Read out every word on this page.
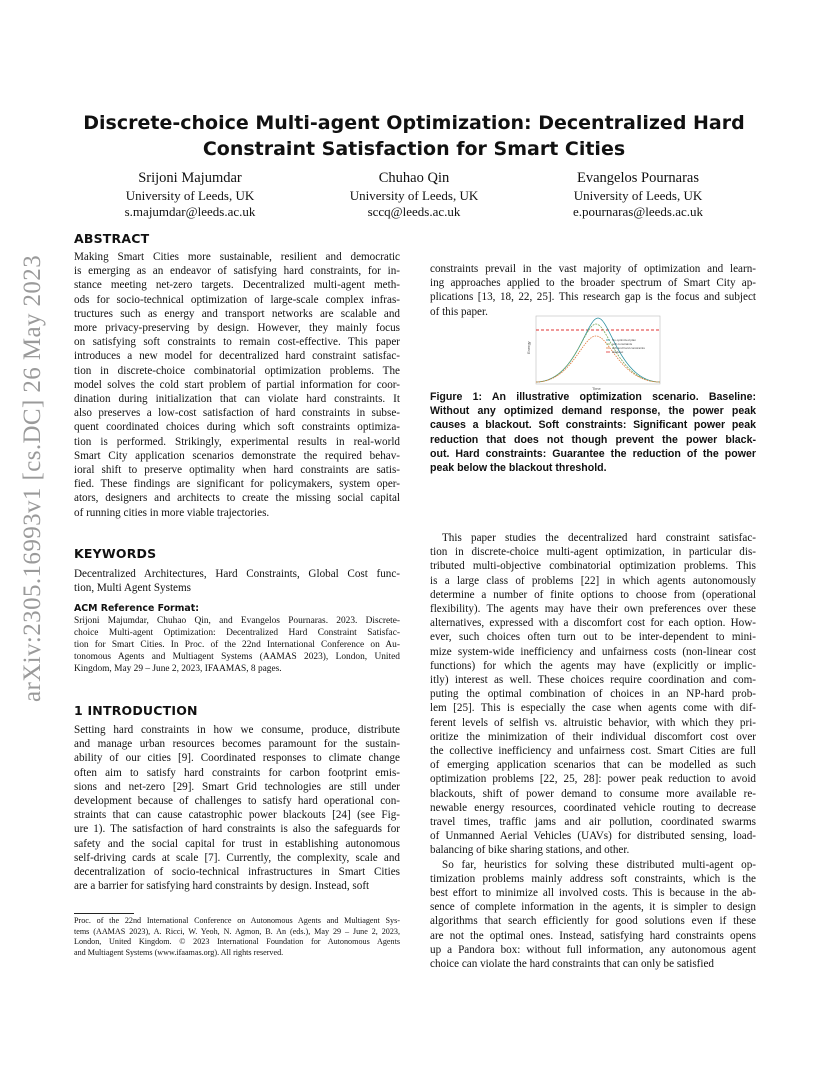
arXiv:2305.16993v1 [cs.DC] 26 May 2023
Discrete-choice Multi-agent Optimization: Decentralized Hard
Constraint Satisfaction for Smart Cities
Srijoni Majumdar
University of Leeds, UK
s.majumdar@leeds.ac.uk
Chuhao Qin
University of Leeds, UK
sccq@leeds.ac.uk
Evangelos Pournaras
University of Leeds, UK
e.pournaras@leeds.ac.uk
ABSTRACT
Making Smart Cities more sustainable, resilient and democratic
is emerging as an endeavor of satisfying hard constraints, for in-
stance meeting net-zero targets. Decentralized multi-agent meth-
ods for socio-technical optimization of large-scale complex infras-
tructures such as energy and transport networks are scalable and
more privacy-preserving by design. However, they mainly focus
on satisfying soft constraints to remain cost-effective. This paper
introduces a new model for decentralized hard constraint satisfac-
tion in discrete-choice combinatorial optimization problems. The
model solves the cold start problem of partial information for coor-
dination during initialization that can violate hard constraints. It
also preserves a low-cost satisfaction of hard constraints in subse-
quent coordinated choices during which soft constraints optimiza-
tion is performed. Strikingly, experimental results in real-world
Smart City application scenarios demonstrate the required behav-
ioral shift to preserve optimality when hard constraints are satis-
fied. These findings are significant for policymakers, system oper-
ators, designers and architects to create the missing social capital
of running cities in more viable trajectories.
KEYWORDS
Decentralized Architectures, Hard Constraints, Global Cost func-
tion, Multi Agent Systems
ACM Reference Format:
Srijoni Majumdar, Chuhao Qin, and Evangelos Pournaras. 2023. Discrete-
choice Multi-agent Optimization: Decentralized Hard Constraint Satisfac-
tion for Smart Cities. In Proc. of the 22nd International Conference on Au-
tonomous Agents and Multiagent Systems (AAMAS 2023), London, United
Kingdom, May 29 – June 2, 2023, IFAAMAS, 8 pages.
1 INTRODUCTION
Setting hard constraints in how we consume, produce, distribute
and manage urban resources becomes paramount for the sustain-
ability of our cities [9]. Coordinated responses to climate change
often aim to satisfy hard constraints for carbon footprint emis-
sions and net-zero [29]. Smart Grid technologies are still under
development because of challenges to satisfy hard operational con-
straints that can cause catastrophic power blackouts [24] (see Fig-
ure 1). The satisfaction of hard constraints is also the safeguards for
safety and the social capital for trust in establishing autonomous
self-driving cards at scale [7]. Currently, the complexity, scale and
decentralization of socio-technical infrastructures in Smart Cities
are a barrier for satisfying hard constraints by design. Instead, soft
Proc. of the 22nd International Conference on Autonomous Agents and Multiagent Sys-
tems (AAMAS 2023), A. Ricci, W. Yeoh, N. Agmon, B. An (eds.), May 29 – June 2, 2023,
London, United Kingdom. © 2023 International Foundation for Autonomous Agents
and Multiagent Systems (www.ifaamas.org). All rights reserved.
constraints prevail in the vast majority of optimization and learn-
ing approaches applied to the broader spectrum of Smart City ap-
plications [13, 18, 22, 25]. This research gap is the focus and subject
of this paper.
Energy
Time
No optimized plan
soft constraints
soft and hard constraints
blackout
Figure 1: An illustrative optimization scenario. Baseline:
Without any optimized demand response, the power peak
causes a blackout. Soft constraints: Significant power peak
reduction that does not though prevent the power black-
out. Hard constraints: Guarantee the reduction of the power
peak below the blackout threshold.
This paper studies the decentralized hard constraint satisfac-
tion in discrete-choice multi-agent optimization, in particular dis-
tributed multi-objective combinatorial optimization problems. This
is a large class of problems [22] in which agents autonomously
determine a number of finite options to choose from (operational
flexibility). The agents may have their own preferences over these
alternatives, expressed with a discomfort cost for each option. How-
ever, such choices often turn out to be inter-dependent to mini-
mize system-wide inefficiency and unfairness costs (non-linear cost
functions) for which the agents may have (explicitly or implic-
itly) interest as well. These choices require coordination and com-
puting the optimal combination of choices in an NP-hard prob-
lem [25]. This is especially the case when agents come with dif-
ferent levels of selfish vs. altruistic behavior, with which they pri-
oritize the minimization of their individual discomfort cost over
the collective inefficiency and unfairness cost. Smart Cities are full
of emerging application scenarios that can be modelled as such
optimization problems [22, 25, 28]: power peak reduction to avoid
blackouts, shift of power demand to consume more available re-
newable energy resources, coordinated vehicle routing to decrease
travel times, traffic jams and air pollution, coordinated swarms
of Unmanned Aerial Vehicles (UAVs) for distributed sensing, load-
balancing of bike sharing stations, and other.
So far, heuristics for solving these distributed multi-agent op-
timization problems mainly address soft constraints, which is the
best effort to minimize all involved costs. This is because in the ab-
sence of complete information in the agents, it is simpler to design
algorithms that search efficiently for good solutions even if these
are not the optimal ones. Instead, satisfying hard constraints opens
up a Pandora box: without full information, any autonomous agent
choice can violate the hard constraints that can only be satisfied
